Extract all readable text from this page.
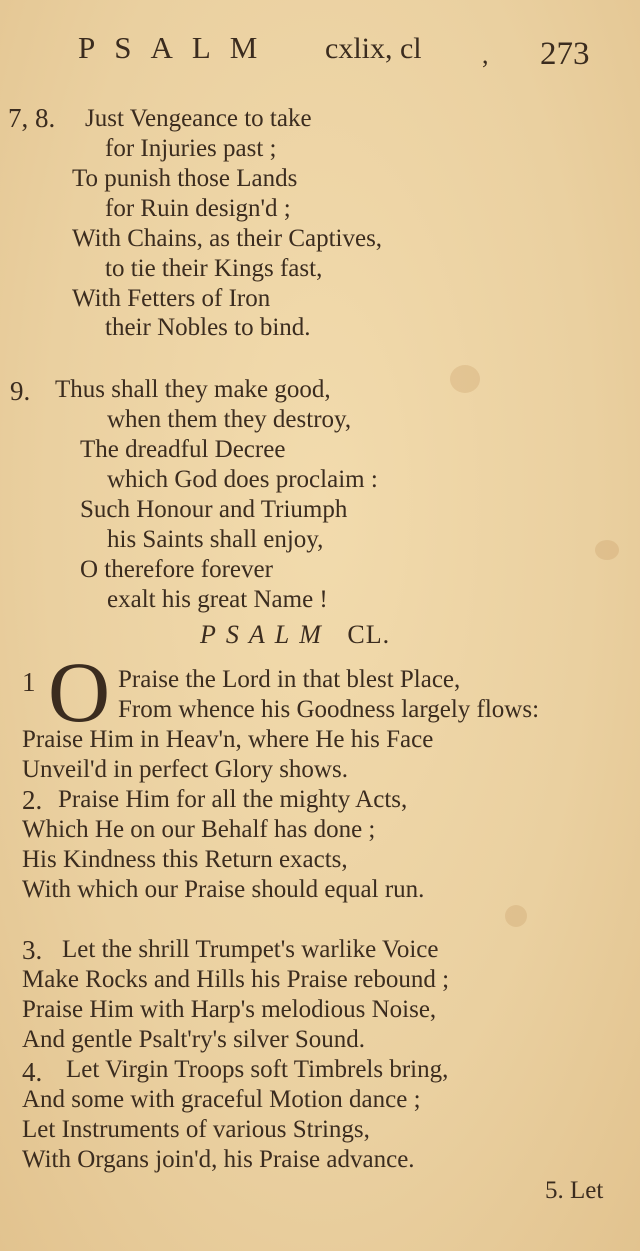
PSALM cxlix, cl , 273
7, 8. Just Vengeance to take
for Injuries past ;
To punish those Lands
for Ruin design'd ;
With Chains, as their Captives,
to tie their Kings fast,
With Fetters of Iron
their Nobles to bind.
9. Thus shall they make good,
when them they destroy,
The dreadful Decree
which God does proclaim :
Such Honour and Triumph
his Saints shall enjoy,
O therefore forever
exalt his great Name !
PSALM CL.
1 O Praise the Lord in that blest Place,
From whence his Goodness largely flows:
Praise Him in Heav'n, where He his Face
Unveil'd in perfect Glory shows.
2. Praise Him for all the mighty Acts,
Which He on our Behalf has done ;
His Kindness this Return exacts,
With which our Praise should equal run.
3. Let the shrill Trumpet's warlike Voice
Make Rocks and Hills his Praise rebound ;
Praise Him with Harp's melodious Noise,
And gentle Psalt'ry's silver Sound.
4. Let Virgin Troops soft Timbrels bring,
And some with graceful Motion dance ;
Let Instruments of various Strings,
With Organs join'd, his Praise advance.
5. Let
